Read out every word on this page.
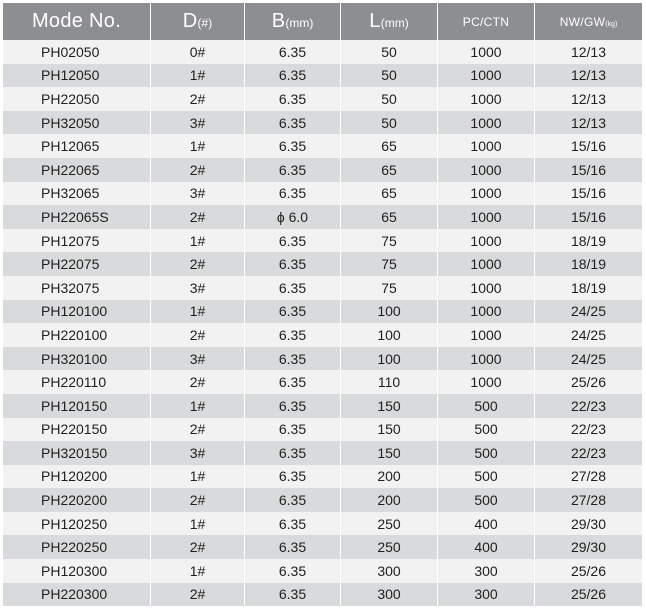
Mode No.	D(#)	B(mm)	L(mm)	PC/CTN	NW/GW(kg)
PH02050	0#	6.35	50	1000	12/13
PH12050	1#	6.35	50	1000	12/13
PH22050	2#	6.35	50	1000	12/13
PH32050	3#	6.35	50	1000	12/13
PH12065	1#	6.35	65	1000	15/16
PH22065	2#	6.35	65	1000	15/16
PH32065	3#	6.35	65	1000	15/16
PH22065S	2#	ϕ 6.0	65	1000	15/16
PH12075	1#	6.35	75	1000	18/19
PH22075	2#	6.35	75	1000	18/19
PH32075	3#	6.35	75	1000	18/19
PH120100	1#	6.35	100	1000	24/25
PH220100	2#	6.35	100	1000	24/25
PH320100	3#	6.35	100	1000	24/25
PH220110	2#	6.35	110	1000	25/26
PH120150	1#	6.35	150	500	22/23
PH220150	2#	6.35	150	500	22/23
PH320150	3#	6.35	150	500	22/23
PH120200	1#	6.35	200	500	27/28
PH220200	2#	6.35	200	500	27/28
PH120250	1#	6.35	250	400	29/30
PH220250	2#	6.35	250	400	29/30
PH120300	1#	6.35	300	300	25/26
PH220300	2#	6.35	300	300	25/26
